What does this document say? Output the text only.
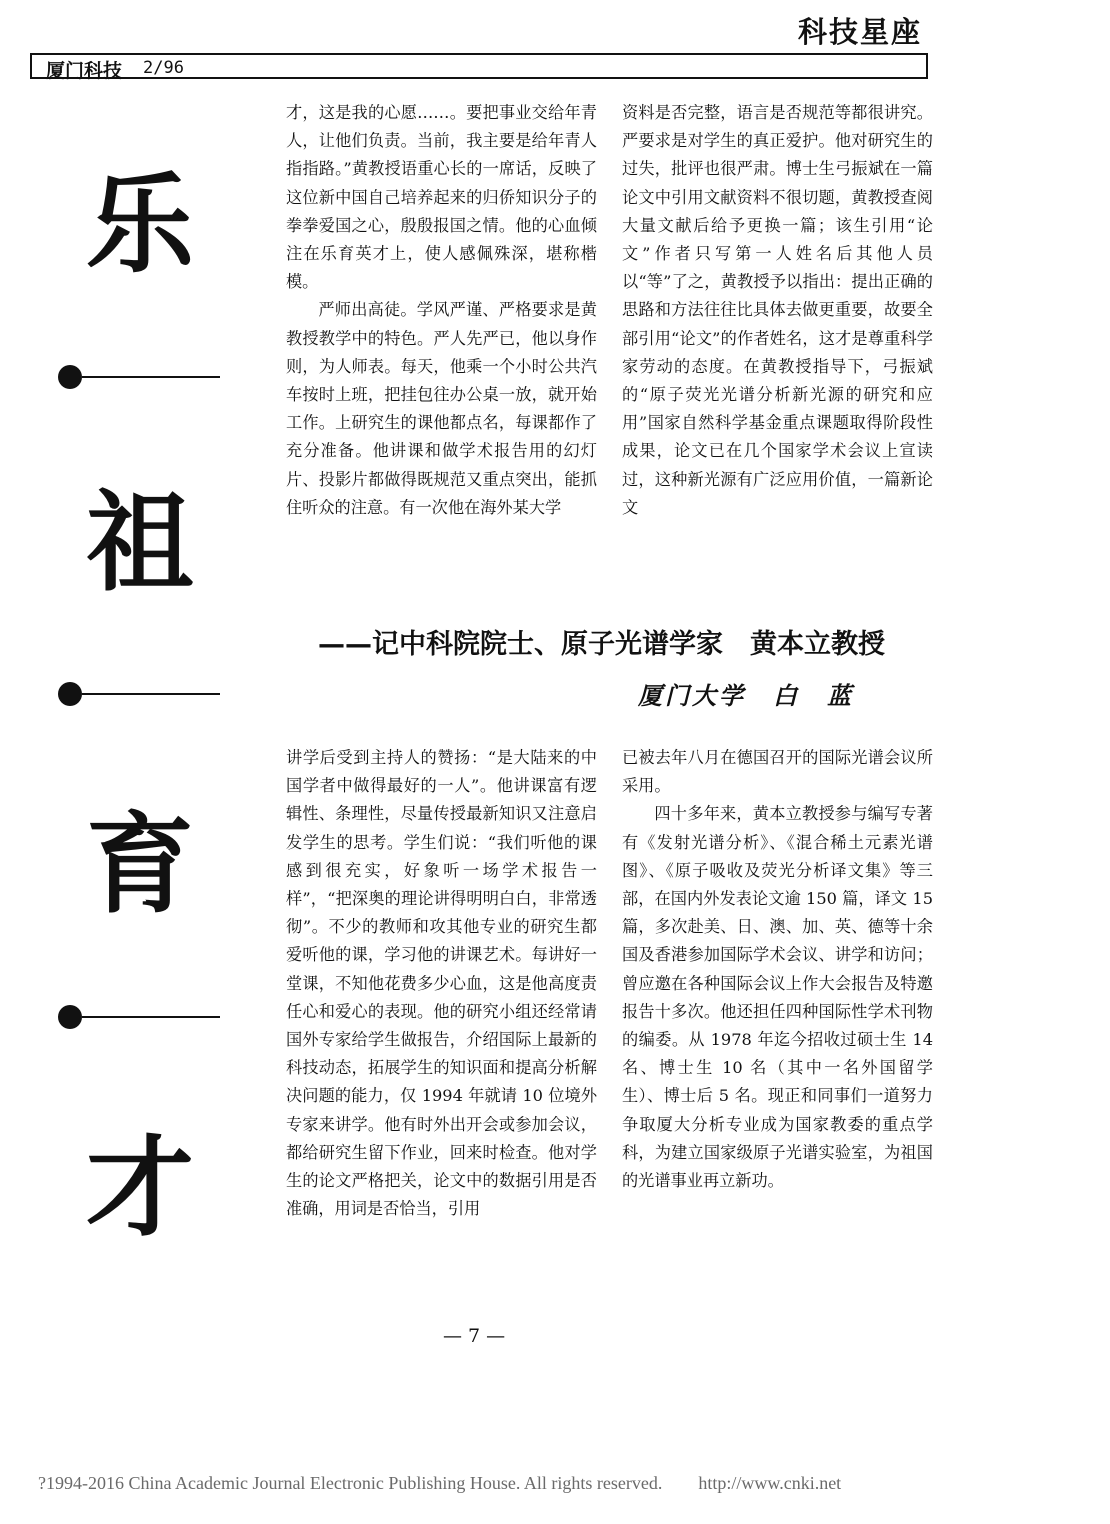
科技星座
厦门科技 2/96
乐
祖
育
才

才，这是我的心愿……。要把事业交给年青人，让他们负责。当前，我主要是给年青人指指路。”黄教授语重心长的一席话，反映了这位新中国自己培养起来的归侨知识分子的拳拳爱国之心，殷殷报国之情。他的心血倾注在乐育英才上，使人感佩殊深，堪称楷模。

严师出高徒。学风严谨、严格要求是黄教授教学中的特色。严人先严已，他以身作则，为人师表。每天，他乘一个小时公共汽车按时上班，把挂包往办公桌一放，就开始工作。上研究生的课他都点名，每课都作了充分准备。他讲课和做学术报告用的幻灯片、投影片都做得既规范又重点突出，能抓住听众的注意。有一次他在海外某大学

资料是否完整，语言是否规范等都很讲究。严要求是对学生的真正爱护。他对研究生的过失，批评也很严肃。博士生弓振斌在一篇论文中引用文献资料不很切题，黄教授查阅大量文献后给予更换一篇；该生引用“论文”作者只写第一人姓名后其他人员以“等”了之，黄教授予以指出：提出正确的思路和方法往往比具体去做更重要，故要全部引用“论文”的作者姓名，这才是尊重科学家劳动的态度。在黄教授指导下，弓振斌的“原子荧光光谱分析新光源的研究和应用”国家自然科学基金重点课题取得阶段性成果，论文已在几个国家学术会议上宣读过，这种新光源有广泛应用价值，一篇新论文

——记中科院院士、原子光谱学家　黄本立教授
厦门大学　白　蓝

讲学后受到主持人的赞扬：“是大陆来的中国学者中做得最好的一人”。他讲课富有逻辑性、条理性，尽量传授最新知识又注意启发学生的思考。学生们说：“我们听他的课感到很充实，好象听一场学术报告一样”，“把深奥的理论讲得明明白白，非常透彻”。不少的教师和攻其他专业的研究生都爱听他的课，学习他的讲课艺术。每讲好一堂课，不知他花费多少心血，这是他高度责任心和爱心的表现。他的研究小组还经常请国外专家给学生做报告，介绍国际上最新的科技动态，拓展学生的知识面和提高分析解决问题的能力，仅 1994 年就请 10 位境外专家来讲学。他有时外出开会或参加会议，都给研究生留下作业，回来时检查。他对学生的论文严格把关，论文中的数据引用是否准确，用词是否恰当，引用

已被去年八月在德国召开的国际光谱会议所采用。

四十多年来，黄本立教授参与编写专著有《发射光谱分析》、《混合稀土元素光谱图》、《原子吸收及荧光分析译文集》等三部，在国内外发表论文逾 150 篇，译文 15 篇，多次赴美、日、澳、加、英、德等十余国及香港参加国际学术会议、讲学和访问；曾应邀在各种国际会议上作大会报告及特邀报告十多次。他还担任四种国际性学术刊物的编委。从 1978 年迄今招收过硕士生 14 名、博士生 10 名（其中一名外国留学生）、博士后 5 名。现正和同事们一道努力争取厦大分析专业成为国家教委的重点学科，为建立国家级原子光谱实验室，为祖国的光谱事业再立新功。

— 7 —
?1994-2016 China Academic Journal Electronic Publishing House. All rights reserved.　　http://www.cnki.net
